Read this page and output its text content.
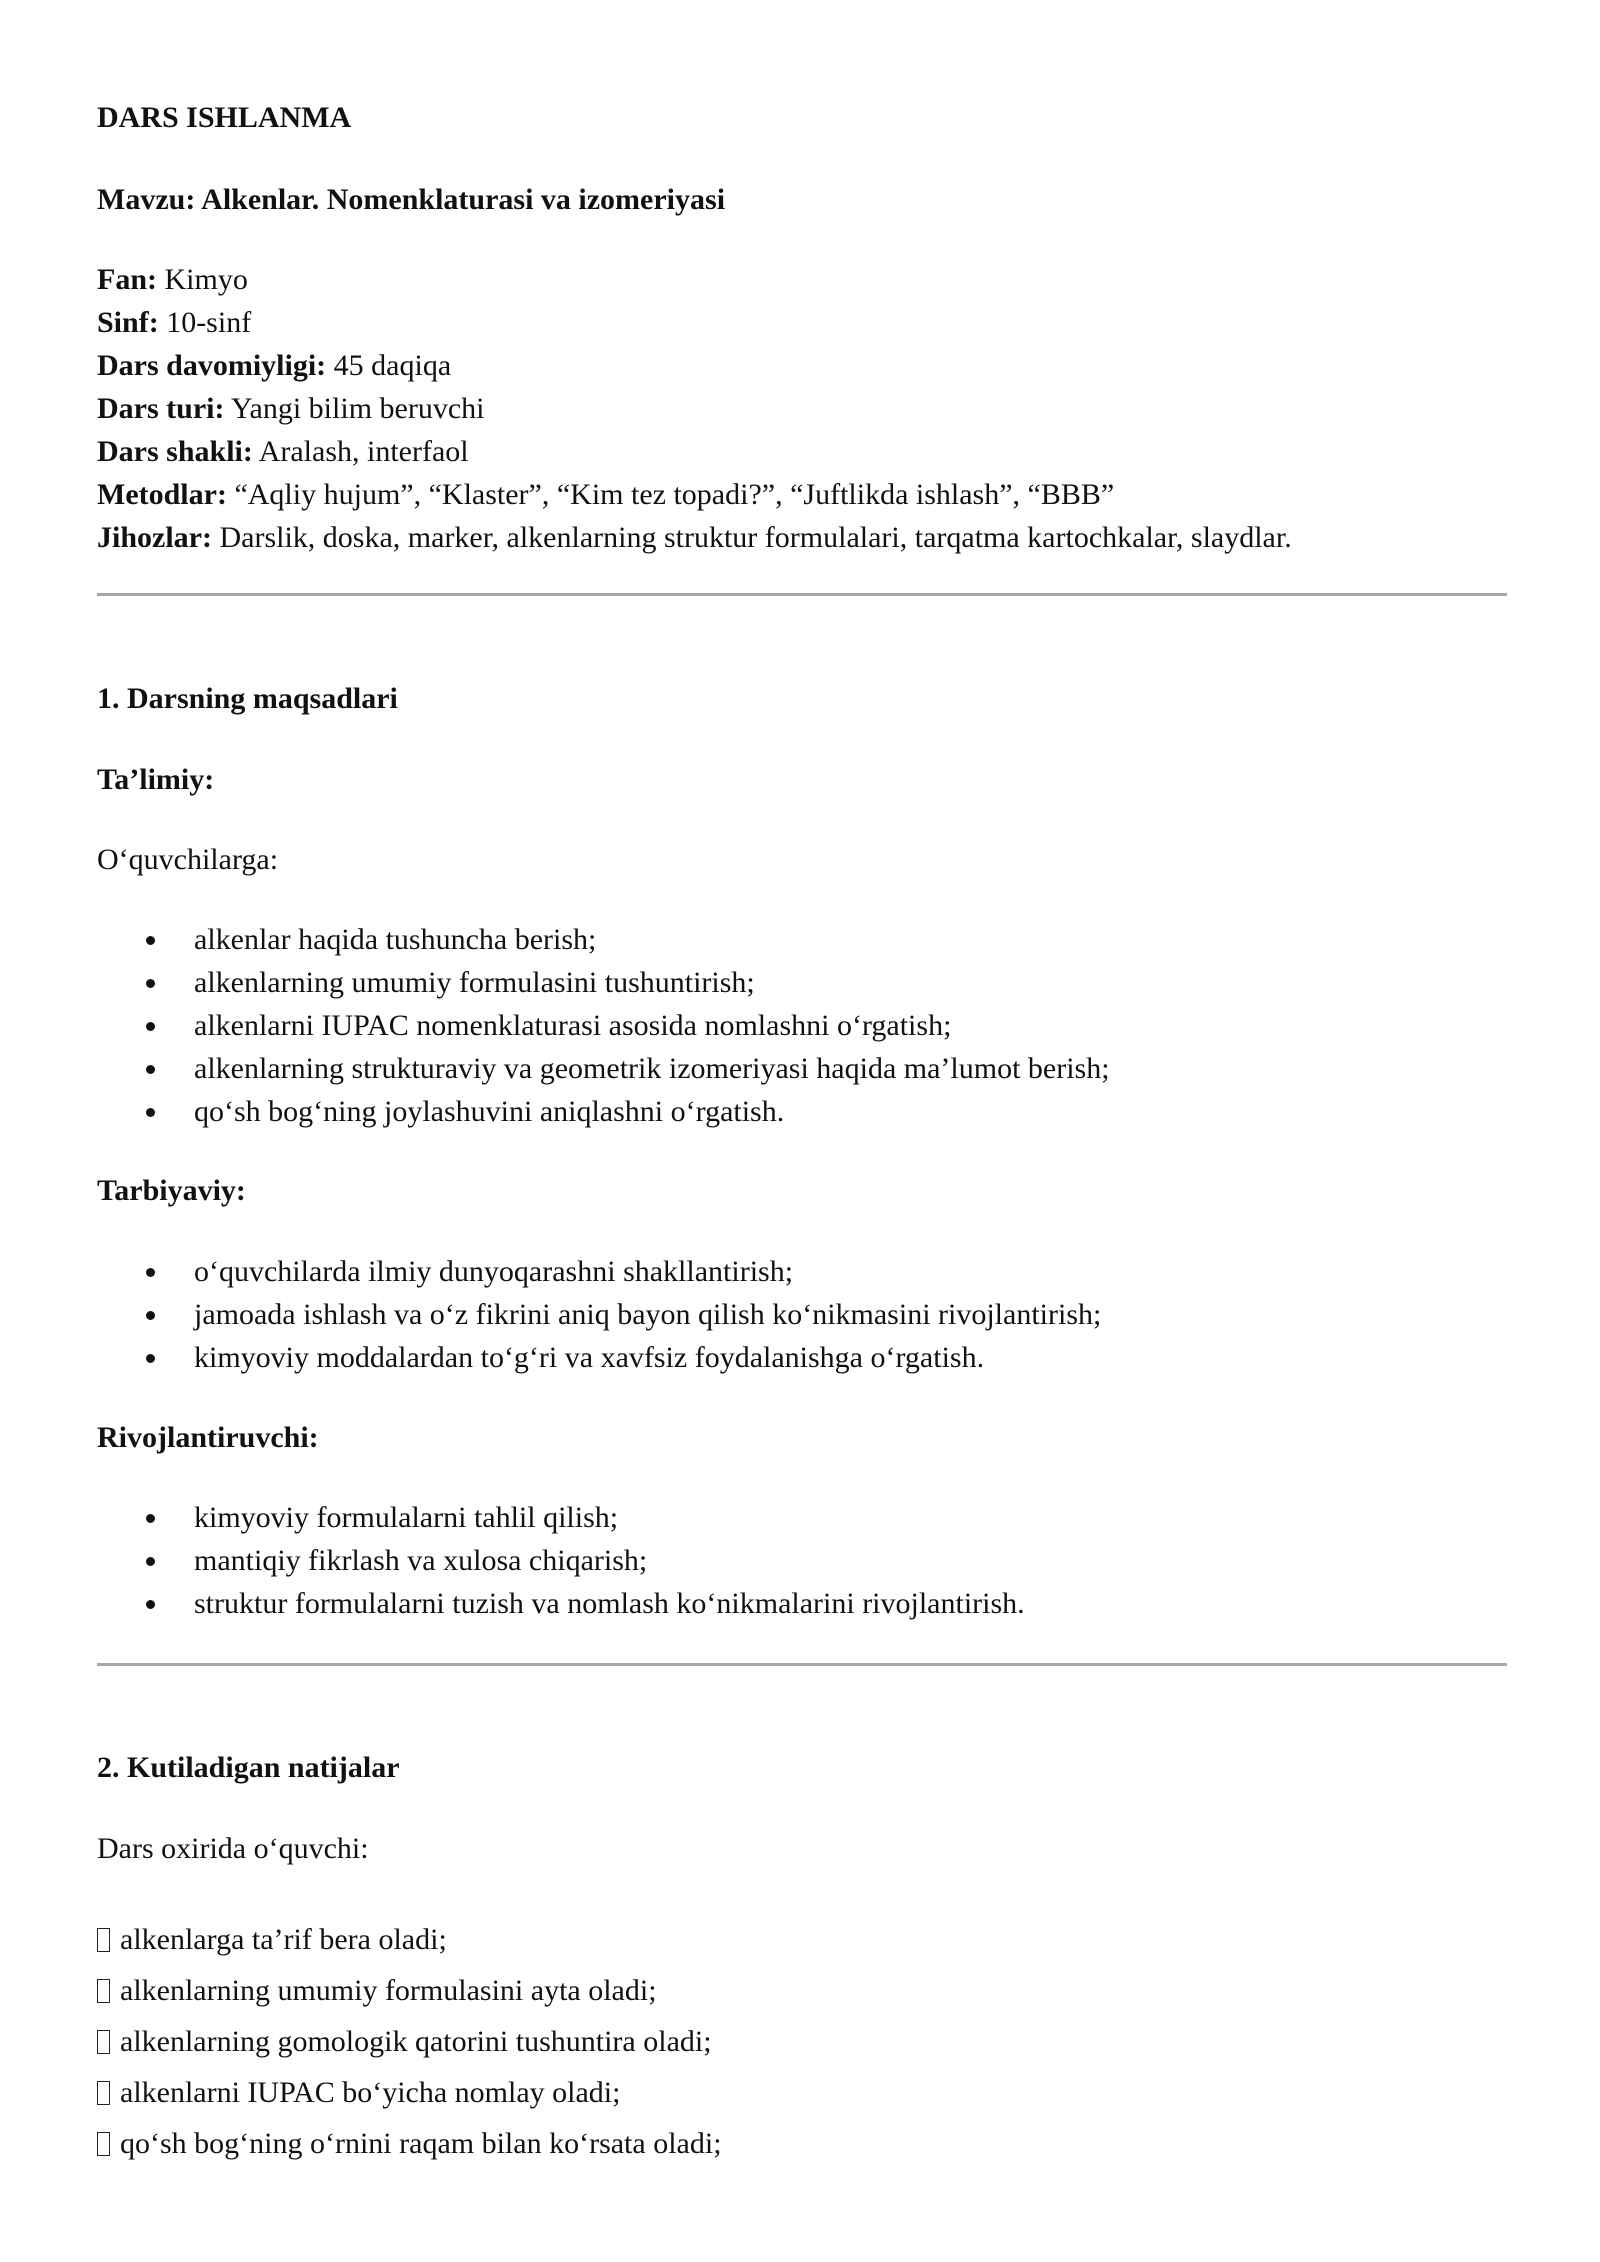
DARS ISHLANMA

Mavzu: Alkenlar. Nomenklaturasi va izomeriyasi

Fan: Kimyo

Sinf: 10-sinf

Dars davomiyligi: 45 daqiqa

Dars turi: Yangi bilim beruvchi

Dars shakli: Aralash, interfaol

Metodlar: “Aqliy hujum”, “Klaster”, “Kim tez topadi?”, “Juftlikda ishlash”, “BBB”

Jihozlar: Darslik, doska, marker, alkenlarning struktur formulalari, tarqatma kartochkalar, slaydlar.

1. Darsning maqsadlari

Ta’limiy:

O‘quvchilarga:

alkenlar haqida tushuncha berish;
alkenlarning umumiy formulasini tushuntirish;
alkenlarni IUPAC nomenklaturasi asosida nomlashni o‘rgatish;
alkenlarning strukturaviy va geometrik izomeriyasi haqida ma’lumot berish;
qo‘sh bog‘ning joylashuvini aniqlashni o‘rgatish.

Tarbiyaviy:

o‘quvchilarda ilmiy dunyoqarashni shakllantirish;
jamoada ishlash va o‘z fikrini aniq bayon qilish ko‘nikmasini rivojlantirish;
kimyoviy moddalardan to‘g‘ri va xavfsiz foydalanishga o‘rgatish.

Rivojlantiruvchi:

kimyoviy formulalarni tahlil qilish;
mantiqiy fikrlash va xulosa chiqarish;
struktur formulalarni tuzish va nomlash ko‘nikmalarini rivojlantirish.

2. Kutiladigan natijalar

Dars oxirida o‘quvchi:

alkenlarga ta’rif bera oladi;

alkenlarning umumiy formulasini ayta oladi;

alkenlarning gomologik qatorini tushuntira oladi;

alkenlarni IUPAC bo‘yicha nomlay oladi;

qo‘sh bog‘ning o‘rnini raqam bilan ko‘rsata oladi;
